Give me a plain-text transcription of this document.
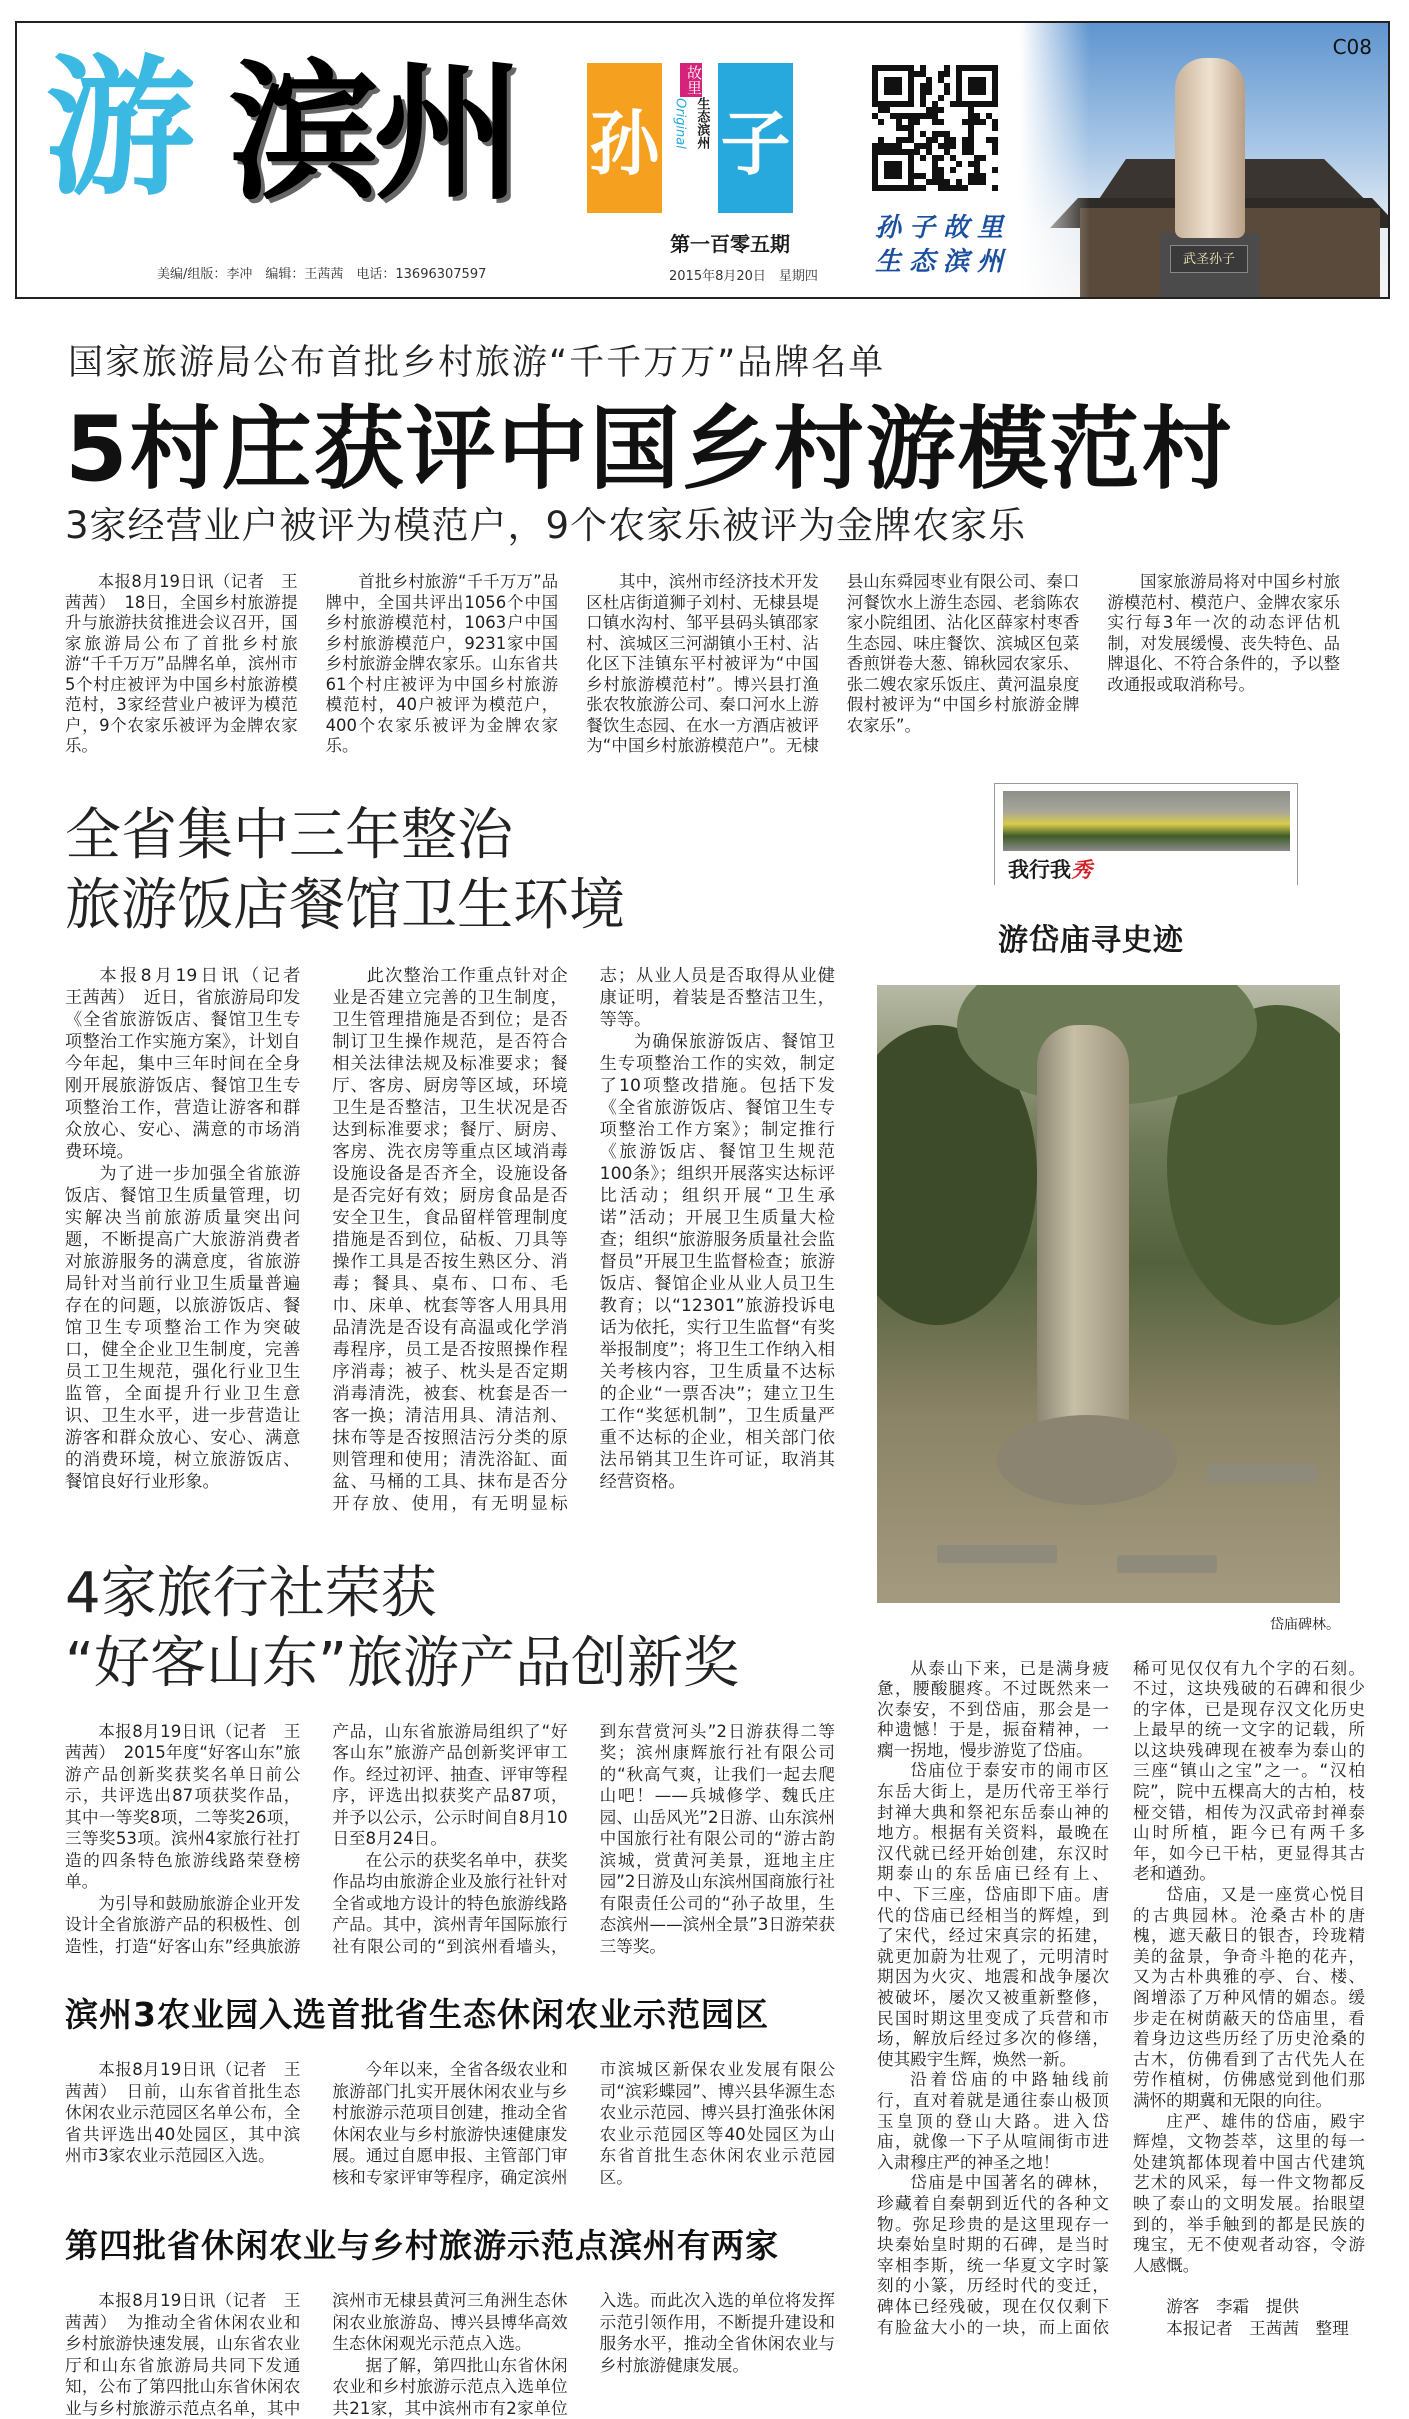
游 滨州 孙
故里
Original 生态滨州 子
第一百零五期
2015年8月20日　星期四
美编/组版：李冲　编辑：王茜茜　电话：13696307597
孙子故里
生态滨州	武圣孙子
C08
国家旅游局公布首批乡村旅游“千千万万”品牌名单
5村庄获评中国乡村游模范村
3家经营业户被评为模范户，9个农家乐被评为金牌农家乐

本报8月19日讯（记者　王茜茜）　18日，全国乡村旅游提升与旅游扶贫推进会议召开，国家旅游局公布了首批乡村旅游“千千万万”品牌名单，滨州市5个村庄被评为中国乡村旅游模范村，3家经营业户被评为模范户，9个农家乐被评为金牌农家乐。

首批乡村旅游“千千万万”品牌中，全国共评出1056个中国乡村旅游模范村，1063户中国乡村旅游模范户，9231家中国乡村旅游金牌农家乐。山东省共61个村庄被评为中国乡村旅游模范村，40户被评为模范户，400个农家乐被评为金牌农家乐。

其中，滨州市经济技术开发区杜店街道狮子刘村、无棣县堤口镇水沟村、邹平县码头镇邵家村、滨城区三河湖镇小王村、沾化区下洼镇东平村被评为“中国乡村旅游模范村”。博兴县打渔张农牧旅游公司、秦口河水上游餐饮生态园、在水一方酒店被评为“中国乡村旅游模范户”。无棣县山东舜园枣业有限公司、秦口河餐饮水上游生态园、老翁陈农家小院组团、沾化区薛家村枣香生态园、味庄餐饮、滨城区包菜香煎饼卷大葱、锦秋园农家乐、张二嫂农家乐饭庄、黄河温泉度假村被评为“中国乡村旅游金牌农家乐”。

国家旅游局将对中国乡村旅游模范村、模范户、金牌农家乐实行每3年一次的动态评估机制，对发展缓慢、丧失特色、品牌退化、不符合条件的，予以整改通报或取消称号。

全省集中三年整治
旅游饭店餐馆卫生环境

本报8月19日讯（记者　王茜茜）　近日，省旅游局印发《全省旅游饭店、餐馆卫生专项整治工作实施方案》，计划自今年起，集中三年时间在全身刚开展旅游饭店、餐馆卫生专项整治工作，营造让游客和群众放心、安心、满意的市场消费环境。

为了进一步加强全省旅游饭店、餐馆卫生质量管理，切实解决当前旅游质量突出问题，不断提高广大旅游消费者对旅游服务的满意度，省旅游局针对当前行业卫生质量普遍存在的问题，以旅游饭店、餐馆卫生专项整治工作为突破口，健全企业卫生制度，完善员工卫生规范，强化行业卫生监管，全面提升行业卫生意识、卫生水平，进一步营造让游客和群众放心、安心、满意的消费环境，树立旅游饭店、餐馆良好行业形象。

此次整治工作重点针对企业是否建立完善的卫生制度，卫生管理措施是否到位；是否制订卫生操作规范，是否符合相关法律法规及标准要求；餐厅、客房、厨房等区域，环境卫生是否整洁，卫生状况是否达到标准要求；餐厅、厨房、客房、洗衣房等重点区域消毒设施设备是否齐全，设施设备是否完好有效；厨房食品是否安全卫生，食品留样管理制度措施是否到位，砧板、刀具等操作工具是否按生熟区分、消毒；餐具、桌布、口布、毛巾、床单、枕套等客人用具用品清洗是否设有高温或化学消毒程序，员工是否按照操作程序消毒；被子、枕头是否定期消毒清洗，被套、枕套是否一客一换；清洁用具、清洁剂、抹布等是否按照洁污分类的原则管理和使用；清洗浴缸、面盆、马桶的工具、抹布是否分开存放、使用，有无明显标志；从业人员是否取得从业健康证明，着装是否整洁卫生，等等。

为确保旅游饭店、餐馆卫生专项整治工作的实效，制定了10项整改措施。包括下发《全省旅游饭店、餐馆卫生专项整治工作方案》；制定推行《旅游饭店、餐馆卫生规范100条》；组织开展落实达标评比活动；组织开展“卫生承诺”活动；开展卫生质量大检查；组织“旅游服务质量社会监督员”开展卫生监督检查；旅游饭店、餐馆企业从业人员卫生教育；以“12301”旅游投诉电话为依托，实行卫生监督“有奖举报制度”；将卫生工作纳入相关考核内容，卫生质量不达标的企业“一票否决”；建立卫生工作“奖惩机制”，卫生质量严重不达标的企业，相关部门依法吊销其卫生许可证，取消其经营资格。

4家旅行社荣获
“好客山东”旅游产品创新奖

本报8月19日讯（记者　王茜茜）　2015年度“好客山东”旅游产品创新奖获奖名单日前公示，共评选出87项获奖作品，其中一等奖8项，二等奖26项，三等奖53项。滨州4家旅行社打造的四条特色旅游线路荣登榜单。

为引导和鼓励旅游企业开发设计全省旅游产品的积极性、创造性，打造“好客山东”经典旅游产品，山东省旅游局组织了“好客山东”旅游产品创新奖评审工作。经过初评、抽查、评审等程序，评选出拟获奖产品87项，并予以公示，公示时间自8月10日至8月24日。

在公示的获奖名单中，获奖作品均由旅游企业及旅行社针对全省或地方设计的特色旅游线路产品。其中，滨州青年国际旅行社有限公司的“到滨州看墙头，到东营赏河头”2日游获得二等奖；滨州康辉旅行社有限公司的“秋高气爽，让我们一起去爬山吧！——兵城修学、魏氏庄园、山岳风光”2日游、山东滨州中国旅行社有限公司的“游古韵滨城，赏黄河美景，逛地主庄园”2日游及山东滨州国商旅行社有限责任公司的“孙子故里，生态滨州——滨州全景”3日游荣获三等奖。

滨州3农业园入选首批省生态休闲农业示范园区

本报8月19日讯（记者　王茜茜）　日前，山东省首批生态休闲农业示范园区名单公布，全省共评选出40处园区，其中滨州市3家农业示范园区入选。

今年以来，全省各级农业和旅游部门扎实开展休闲农业与乡村旅游示范项目创建，推动全省休闲农业与乡村旅游快速健康发展。通过自愿申报、主管部门审核和专家评审等程序，确定滨州市滨城区新保农业发展有限公司“滨彩蝶园”、博兴县华源生态农业示范园、博兴县打渔张休闲农业示范园区等40处园区为山东省首批生态休闲农业示范园区。

第四批省休闲农业与乡村旅游示范点滨州有两家

本报8月19日讯（记者　王茜茜）　为推动全省休闲农业和乡村旅游快速发展，山东省农业厅和山东省旅游局共同下发通知，公布了第四批山东省休闲农业与乡村旅游示范点名单，其中滨州市无棣县黄河三角洲生态休闲农业旅游岛、博兴县博华高效生态休闲观光示范点入选。

据了解，第四批山东省休闲农业和乡村旅游示范点入选单位共21家，其中滨州市有2家单位入选。而此次入选的单位将发挥示范引领作用，不断提升建设和服务水平，推动全省休闲农业与乡村旅游健康发展。

我行我秀
游岱庙寻史迹
岱庙碑林。

从泰山下来，已是满身疲惫，腰酸腿疼。不过既然来一次泰安，不到岱庙，那会是一种遗憾！于是，振奋精神，一瘸一拐地，慢步游览了岱庙。

岱庙位于泰安市的闹市区东岳大街上，是历代帝王举行封禅大典和祭祀东岳泰山神的地方。根据有关资料，最晚在汉代就已经开始创建，东汉时期泰山的东岳庙已经有上、中、下三座，岱庙即下庙。唐代的岱庙已经相当的辉煌，到了宋代，经过宋真宗的拓建，就更加蔚为壮观了，元明清时期因为火灾、地震和战争屡次被破坏，屡次又被重新整修，民国时期这里变成了兵营和市场，解放后经过多次的修缮，使其殿宇生辉，焕然一新。

沿着岱庙的中路轴线前行，直对着就是通往泰山极顶玉皇顶的登山大路。进入岱庙，就像一下子从喧闹街市进入肃穆庄严的神圣之地！

岱庙是中国著名的碑林，珍藏着自秦朝到近代的各种文物。弥足珍贵的是这里现存一块秦始皇时期的石碑，是当时宰相李斯，统一华夏文字时篆刻的小篆，历经时代的变迁，碑体已经残破，现在仅仅剩下有脸盆大小的一块，而上面依稀可见仅仅有九个字的石刻。不过，这块残破的石碑和很少的字体，已是现存汉文化历史上最早的统一文字的记载，所以这块残碑现在被奉为泰山的三座“镇山之宝”之一。“汉柏院”，院中五棵高大的古柏，枝桠交错，相传为汉武帝封禅泰山时所植，距今已有两千多年，如今已干枯，更显得其古老和遒劲。

岱庙，又是一座赏心悦目的古典园林。沧桑古朴的唐槐，遮天蔽日的银杏，玲珑精美的盆景，争奇斗艳的花卉，又为古朴典雅的亭、台、楼、阁增添了万种风情的媚态。缓步走在树荫蔽天的岱庙里，看着身边这些历经了历史沧桑的古木，仿佛看到了古代先人在劳作植树，仿佛感觉到他们那满怀的期冀和无限的向往。

庄严、雄伟的岱庙，殿宇辉煌，文物荟萃，这里的每一处建筑都体现着中国古代建筑艺术的风采，每一件文物都反映了泰山的文明发展。抬眼望到的，举手触到的都是民族的瑰宝，无不使观者动容，令游人感慨。

游客　李霜　提供
本报记者　王茜茜　整理
